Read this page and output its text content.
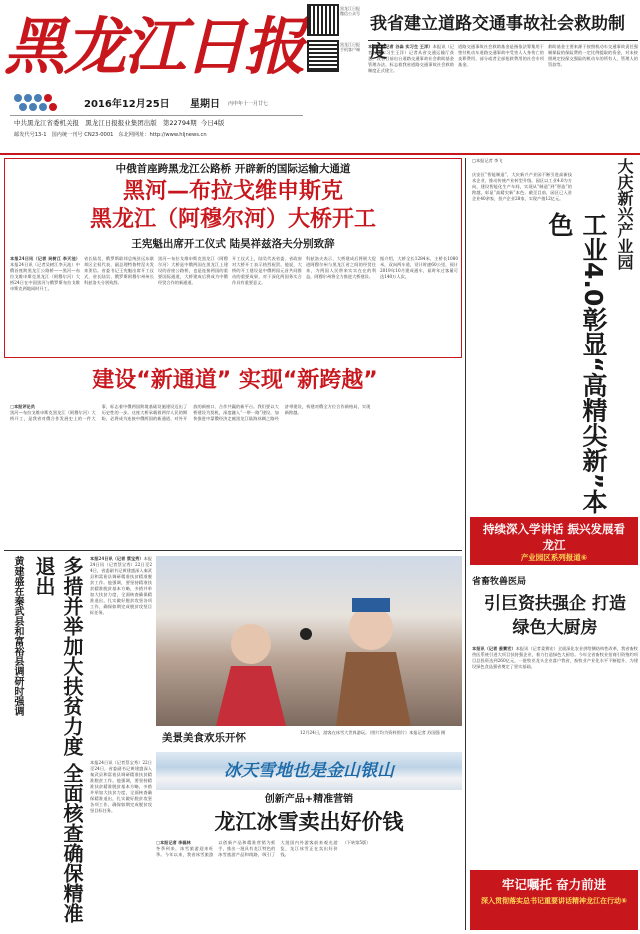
黑龙江日报
2016年12月25日	星期日	丙申年十一月廿七
中共黑龙江省委机关报 黑龙江日报报业集团出版 第22794期 今日4版
邮发代号13-1 国内统一刊号 CN23-0001 东北网网址：http://www.hljnews.cn
黑龙江日报 微信公众号
黑龙江日报 手机客户端
我省建立道路交通事故社会救助制度
本报讯（记者 谷淼 实习生 王洋）本报讯（记者谷淼实习生王洋）记者从省交通运输厅获悉，我省日前出台道路交通事故社会救助基金管理办法，标志着我省道路交通事故社会救助制度正式建立。
道路交通事故社会救助基金是指依法筹集用于垫付机动车道路交通事故中受害人人身伤亡的丧葬费用、部分或者全部抢救费用的社会专项基金。
救助基金主要来源于按照机动车交通事故责任强制保险的保险费的一定比例提取的资金，对未按照规定投保交强险的机动车的所有人、管理人的罚款等。
中俄首座跨黑龙江公路桥 开辟新的国际运输大通道
黑河—布拉戈维申斯克
黑龙江（阿穆尔河）大桥开工
王宪魁出席开工仪式 陆昊祥兹洛夫分别致辞
本报24日讯（记者 吴树江 李天池）本报24日讯（记者吴树江李天池）中俄首座跨黑龙江公路桥——黑河—布拉戈维申斯克黑龙江（阿穆尔河）大桥24日在中国黑河与俄罗斯布拉戈维申斯克两地同时开工。
省长陆昊，俄罗斯联邦总统驻远东联邦区全权代表、副总理特鲁特涅夫发来贺信。省委书记王宪魁出席开工仪式，省长陆昊、俄罗斯阿穆尔州州长科兹洛夫分别致辞。
黑河—布拉戈维申斯克黑龙江（阿穆尔河）大桥是中俄两国在黑龙江上建设的首座公路桥，也是连接两国的重要国际通道，大桥建成后将成为中俄经贸合作的新通道。
开工仪式上，陆昊代表省委、省政府对大桥开工表示热烈祝贺。他说，大桥的开工建设是中俄两国元首共同推动的重要成果，对于深化两国务实合作具有重要意义。
科兹洛夫表示，大桥建成后将极大促进阿穆尔州与黑龙江省之间的经贸往来，为两国人民带来实实在在的利益，阿穆尔州将全力推进大桥建设。
据介绍，大桥全长1284米，主桥长1080米，双向两车道，设计时速60公里，预计2019年10月建成通车，届时年过客量可达140万人次。
建设“新通道” 实现“新跨越”
□本报评论员
黑河—布拉戈维申斯克黑龙江（阿穆尔河）大桥开工，是我省对俄合作发展史上的一件大事，标志着中俄两国跨境基础设施建设迈出了历史性的一步。这座大桥承载着两岸人民的期盼，必将成为连接中俄两国的新通道、对外开放的新窗口、合作共赢的新平台。我们要以大桥建设为契机，深度融入“一带一路”建设，加快推进中蒙俄经济走廊黑龙江陆海丝绸之路经济带建设，构建对俄全方位合作新格局，实现新跨越。
黄建盛在秦武县和富裕县调研时强调	多措并举加大扶贫力度 全面核查确保精准退出	本报24日讯（记者 蔡宝秀）本报24日讯（记者蔡宝秀）22日至24日，省委副书记黄建盛深入秦武县和富裕县调研精准扶贫精准脱贫工作。他强调，要坚持精准扶贫精准脱贫基本方略，多措并举加大扶贫力度，全面核查确保精准退出，扎实做好脱贫攻坚各项工作，确保如期完成脱贫攻坚目标任务。
本报24日讯（记者蔡宝秀）22日至24日，省委副书记黄建盛深入秦武县和富裕县调研精准扶贫精准脱贫工作。他强调，要坚持精准扶贫精准脱贫基本方略，多措并举加大扶贫力度，全面核查确保精准退出，扎实做好脱贫攻坚各项工作，确保如期完成脱贫攻坚目标任务。
美景美食欢乐开怀	12月24日，游客在冰雪大世界游玩。（图片均为资料图片）本报记者 苏国强 摄
冰天雪地也是金山银山
创新产品+精准营销
龙江冰雪卖出好价钱
□本报记者 李磊林
冬季到来，冰雪旅游迎来旺季。今年以来，我省冰雪旅游以创新产品和精准营销为抓手，推出一批具有龙江特色的冰雪旅游产品和线路，吸引了大批国内外游客前来观光游览，龙江冰雪正在卖出好价钱。
（下转第5版）
□本报记者 李飞	大庆新兴产业园
工业4.0彰显“高精尖新”本色
庆安区“智能制造”，大庆新兴产业园不断引进高新技术企业，推动传统产业转型升级。园区以工业4.0为方向，建设智能化生产车间，实现从“制造”到“智造”的跨越，彰显“高精尖新”本色。截至目前，园区已入驻企业40余家，投产企业28家，实现产值12亿元。
持续深入学讲话 振兴发展看龙江
产业园区系列报道⑥
省畜牧兽医局
引巨资扶强企 打造绿色大厨房
本报讯（记者 姜赛宏）本报讯（记者姜赛宏）全面深化农业供给侧结构性改革，我省畜牧兽医系统引进大项目扶持强企业，着力打造绿色大厨房。今年全省畜牧业招商引资签约项目总投资达到260亿元，一批牧业龙头企业落户我省，畜牧业产业化水平不断提升，为建设绿色食品强省奠定了坚实基础。
牢记嘱托 奋力前进
深入贯彻落实总书记重要讲话精神龙江在行动⑥
